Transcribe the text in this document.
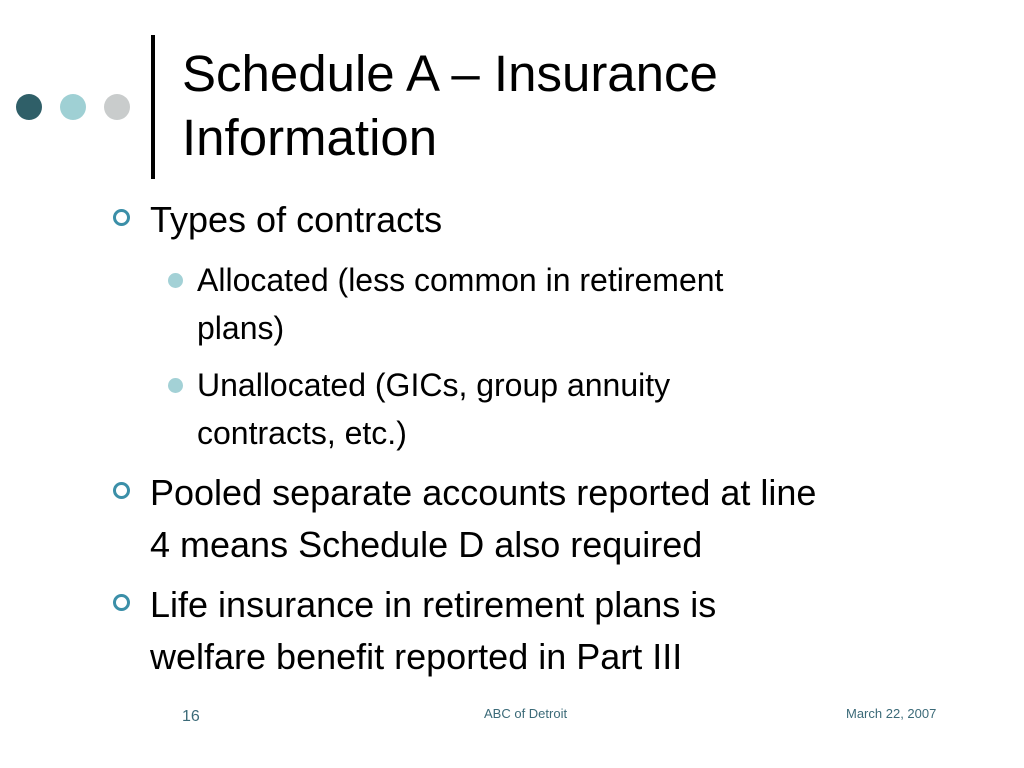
Schedule A – Insurance
Information
Types of contracts
Allocated (less common in retirement
plans)
Unallocated (GICs, group annuity
contracts, etc.)
Pooled separate accounts reported at line
4 means Schedule D also required
Life insurance in retirement plans is
welfare benefit reported in Part III
16	ABC of Detroit	March 22, 2007
